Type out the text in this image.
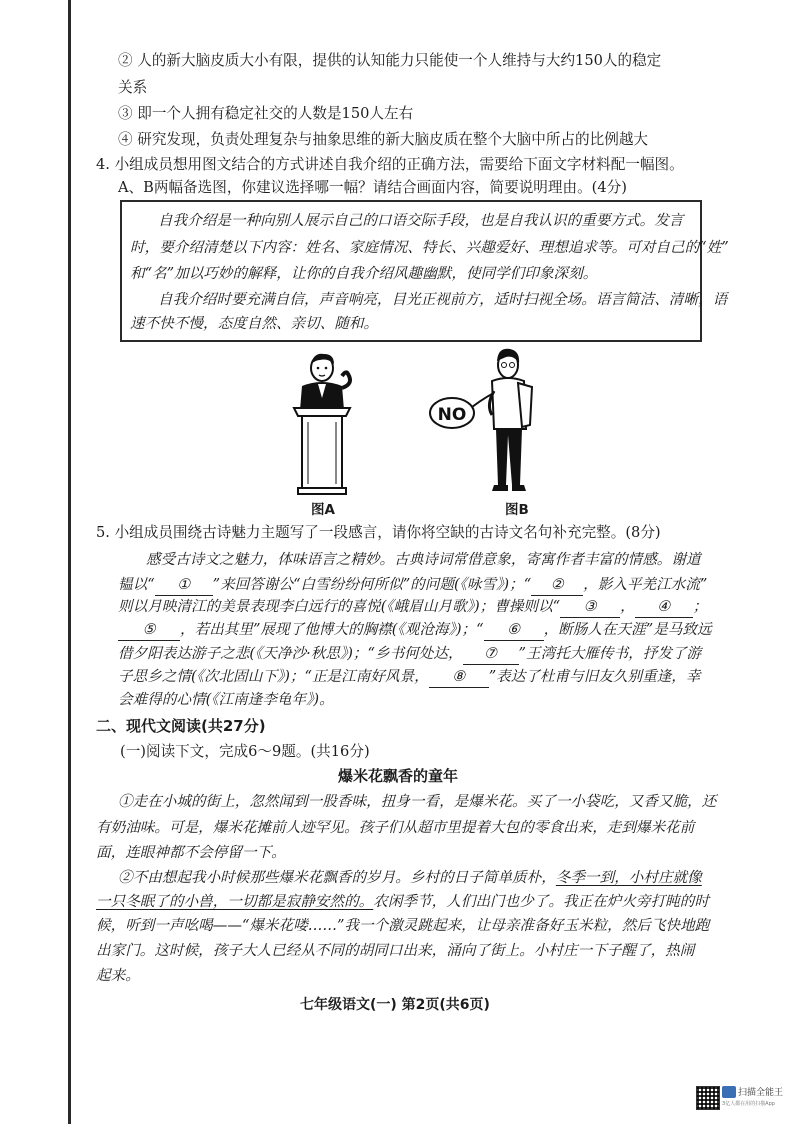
② 人的新大脑皮质大小有限，提供的认知能力只能使一个人维持与大约150人的稳定
关系
③ 即一个人拥有稳定社交的人数是150人左右
④ 研究发现，负责处理复杂与抽象思维的新大脑皮质在整个大脑中所占的比例越大
4. 小组成员想用图文结合的方式讲述自我介绍的正确方法，需要给下面文字材料配一幅图。
A、B两幅备选图，你建议选择哪一幅？请结合画面内容，简要说明理由。(4分)
自我介绍是一种向别人展示自己的口语交际手段，也是自我认识的重要方式。发言
时，要介绍清楚以下内容：姓名、家庭情况、特长、兴趣爱好、理想追求等。可对自己的“姓”
和“名”加以巧妙的解释，让你的自我介绍风趣幽默，使同学们印象深刻。
自我介绍时要充满自信，声音响亮，目光正视前方，适时扫视全场。语言简洁、清晰，语
速不快不慢，态度自然、亲切、随和。
图A
NO
图B
5. 小组成员围绕古诗魅力主题写了一段感言，请你将空缺的古诗文名句补充完整。(8分)
感受古诗文之魅力，体味语言之精妙。古典诗词常借意象，寄寓作者丰富的情感。谢道
韫以“ ① ”来回答谢公“白雪纷纷何所似”的问题(《咏雪》)；“ ② ，影入平羌江水流”
则以月映清江的美景表现李白远行的喜悦(《峨眉山月歌》)；曹操则以“ ③ ， ④ ；
⑤ ，若出其里”展现了他博大的胸襟(《观沧海》)；“ ⑥ ，断肠人在天涯”是马致远
借夕阳表达游子之悲(《天净沙·秋思》)；“乡书何处达， ⑦ ”王湾托大雁传书，抒发了游
子思乡之情(《次北固山下》)；“正是江南好风景， ⑧ ”表达了杜甫与旧友久别重逢，幸
会难得的心情(《江南逢李龟年》)。
二、现代文阅读(共27分)
(一)阅读下文，完成6～9题。(共16分)
爆米花飘香的童年
①走在小城的街上，忽然闻到一股香味，扭身一看，是爆米花。买了一小袋吃，又香又脆，还
有奶油味。可是，爆米花摊前人迹罕见。孩子们从超市里提着大包的零食出来，走到爆米花前
面，连眼神都不会停留一下。
②不由想起我小时候那些爆米花飘香的岁月。乡村的日子简单质朴，冬季一到，小村庄就像
一只冬眠了的小兽，一切都是寂静安然的。农闲季节，人们出门也少了。我正在炉火旁打盹的时
候，听到一声吆喝——“爆米花喽……”我一个激灵跳起来，让母亲准备好玉米粒，然后飞快地跑
出家门。这时候，孩子大人已经从不同的胡同口出来，涌向了街上。小村庄一下子醒了，热闹
起来。
七年级语文(一) 第2页(共6页)
扫描全能王
3亿人都在用的扫描App
